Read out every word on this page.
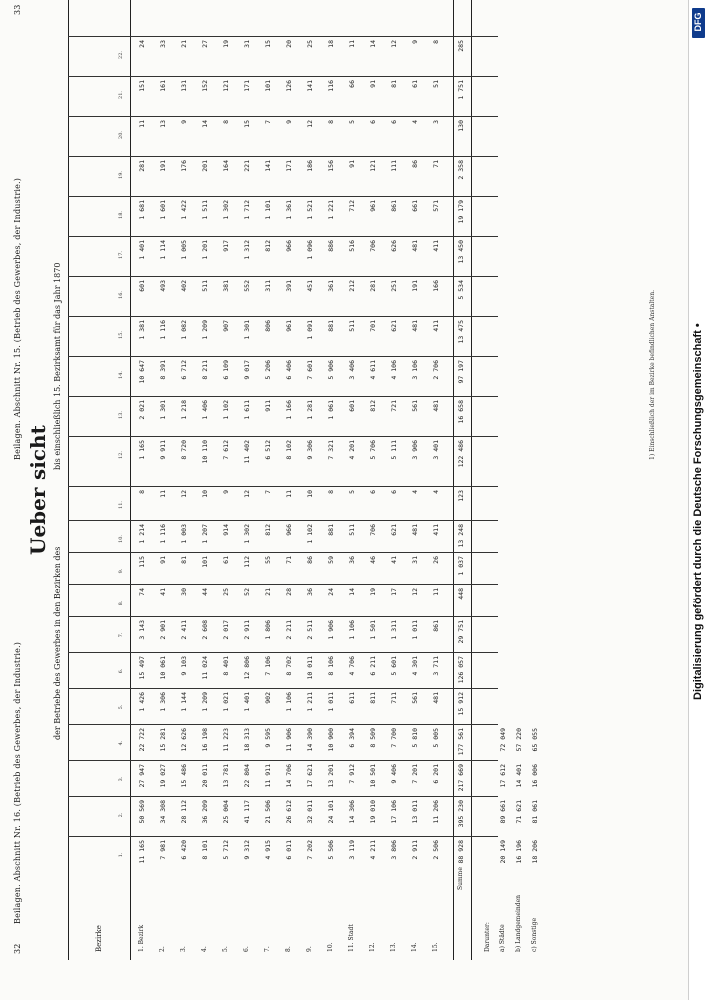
32
Beilagen. Abschnitt Nr. 16. (Betrieb des Gewerbes, der Industrie.)
Beilagen. Abschnitt Nr. 15. (Betrieb des Gewerbes, der Industrie.)
33
Ueber
sicht
der Betriebe des Gewerbes in den Bezirken des
bis einschließlich 15. Bezirksamt für das Jahr 1870
Bezirke
1.
2.
3.
4.
5.
6.
7.
8.
9.
10.
11.
12.
13.
14.
15.
16.
17.
18.
19.
20.
21.
22.
1. Bezirk
11 165
50 569
27 947
22 722
1 426
15 497
3 143
74
115
1 214
8
1 165
2 021
10 647
1 381
601
1 401
1 681
281
11
151
24
2.
7 981
34 308
19 027
15 281
1 306
10 061
2 901
41
91
1 116
11
9 911
1 301
8 391
1 116
493
1 114
1 601
191
13
161
33
3.
6 420
28 112
15 486
12 626
1 144
9 103
2 411
30
81
1 003
12
8 720
1 218
6 712
1 082
402
1 005
1 422
176
9
131
21
4.
8 101
36 209
20 011
16 198
1 209
11 024
2 608
44
101
1 207
10
10 110
1 406
8 211
1 209
511
1 201
1 511
201
14
152
27
5.
5 712
25 004
13 781
11 223
1 021
8 401
2 017
25
61
914
9
7 612
1 102
6 109
907
381
917
1 302
164
8
121
19
6.
9 312
41 117
22 804
18 313
1 401
12 806
2 911
52
112
1 302
12
11 402
1 611
9 017
1 301
552
1 312
1 712
221
15
171
31
7.
4 915
21 506
11 911
9 595
902
7 106
1 806
21
55
812
7
6 512
911
5 206
806
311
812
1 101
141
7
101
15
8.
6 011
26 612
14 706
11 906
1 106
8 702
2 211
28
71
966
11
8 102
1 166
6 406
961
391
966
1 361
171
9
126
20
9.
7 202
32 011
17 621
14 390
1 211
10 011
2 511
36
86
1 102
10
9 306
1 281
7 601
1 091
451
1 096
1 521
186
12
141
25
10.
5 506
24 101
13 201
10 900
1 011
8 106
1 906
24
59
881
8
7 321
1 061
5 906
881
361
886
1 221
156
8
116
18
11. Stadt
3 119
14 306
7 912
6 394
611
4 706
1 106
14
36
511
5
4 201
601
3 406
511
212
516
712
91
5
66
11
12.
4 211
19 010
10 501
8 509
811
6 211
1 501
19
46
706
6
5 706
812
4 611
701
281
706
961
121
6
91
14
13.
3 806
17 106
9 406
7 700
711
5 601
1 311
17
41
621
6
5 111
721
4 106
621
251
626
861
111
6
81
12
14.
2 911
13 011
7 201
5 810
561
4 301
1 011
12
31
481
4
3 906
561
3 106
481
191
481
661
86
4
61
9
15.
2 506
11 206
6 201
5 005
481
3 711
861
11
26
411
4
3 401
481
2 706
411
166
411
571
71
3
51
8
Summe
88 928
395 230
217 669
177 561
15 912
126 057
29 751
448
1 037
13 248
123
122 486
16 658
97 197
13 475
5 534
13 450
19 179
2 358
130
1 751
285
Darunter: a) Städte
20 149
89 661
17 612
72 049
b) Landgemeinden
16 196
71 621
14 401
57 220
c) Sonstige
18 206
81 061
16 006
65 055
1) Einschließlich der im Bezirke befindlichen Anstalten.	Digitalisierung gefördert durch die Deutsche Forschungsgemeinschaft •
DFG
